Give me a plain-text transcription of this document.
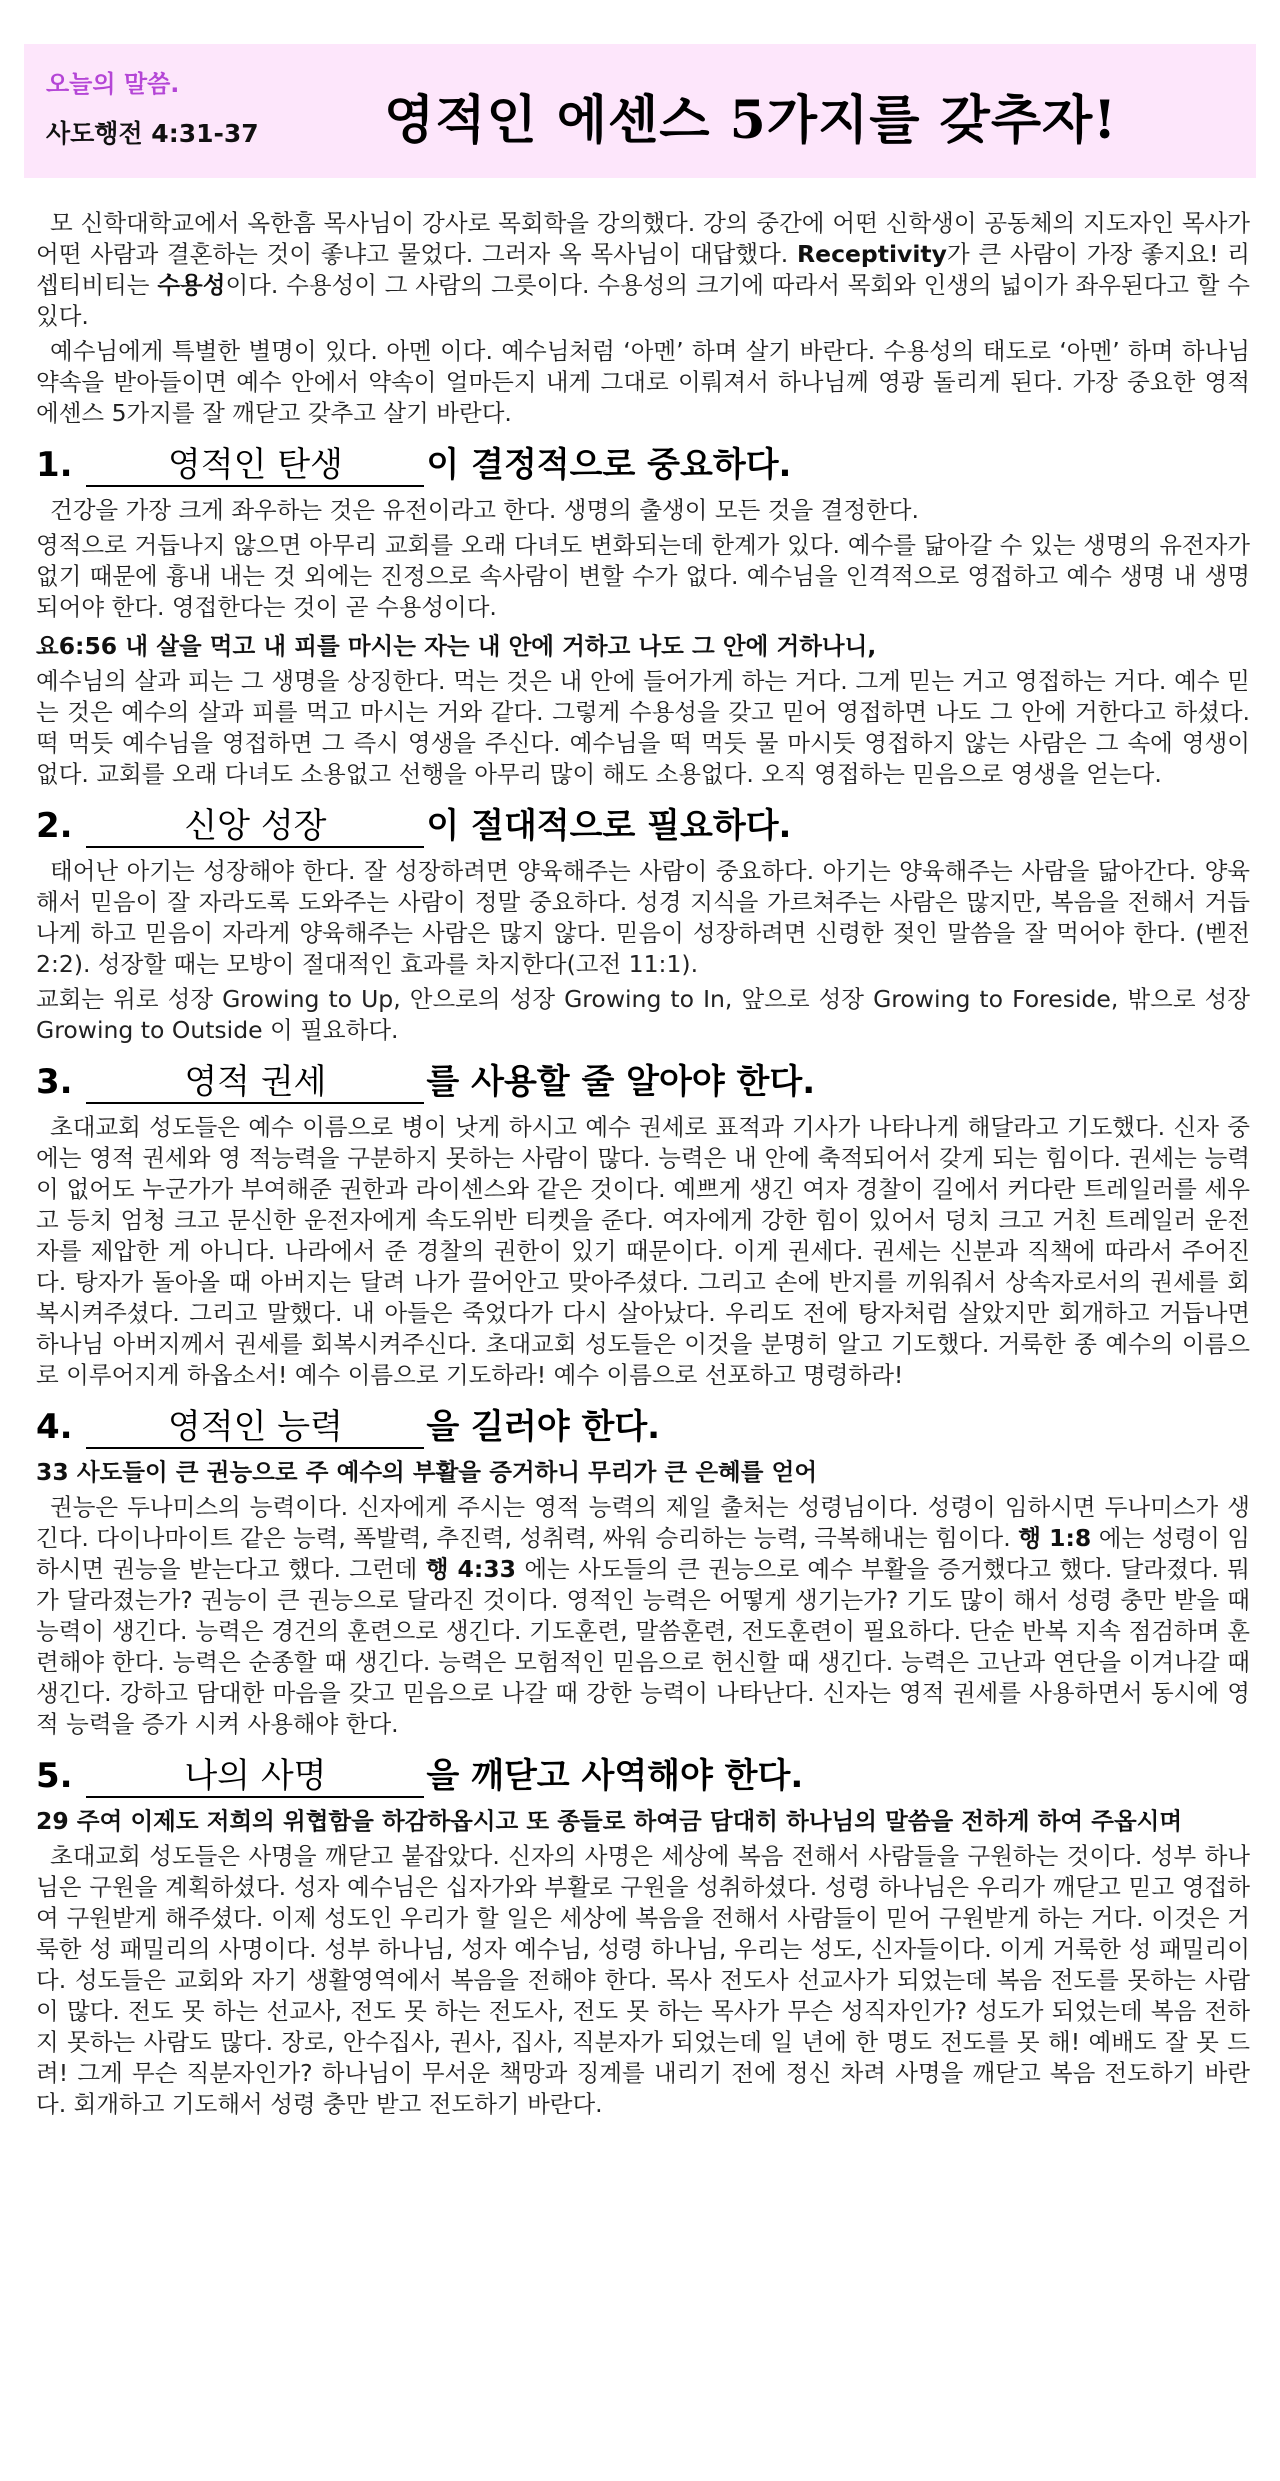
오늘의 말씀.
사도행전 4:31-37 영적인 에센스 5가지를 갖추자!

모 신학대학교에서 옥한흠 목사님이 강사로 목회학을 강의했다. 강의 중간에 어떤 신학생이 공동체의 지도자인 목사가 어떤 사람과 결혼하는 것이 좋냐고 물었다. 그러자 옥 목사님이 대답했다. Receptivity가 큰 사람이 가장 좋지요! 리셉티비티는 수용성이다. 수용성이 그 사람의 그릇이다. 수용성의 크기에 따라서 목회와 인생의 넓이가 좌우된다고 할 수 있다.

예수님에게 특별한 별명이 있다. 아멘 이다. 예수님처럼 ‘아멘’ 하며 살기 바란다. 수용성의 태도로 ‘아멘’ 하며 하나님 약속을 받아들이면 예수 안에서 약속이 얼마든지 내게 그대로 이뤄져서 하나님께 영광 돌리게 된다. 가장 중요한 영적 에센스 5가지를 잘 깨닫고 갖추고 살기 바란다.

1.	영적인 탄생 이 결정적으로 중요하다.

건강을 가장 크게 좌우하는 것은 유전이라고 한다. 생명의 출생이 모든 것을 결정한다.

영적으로 거듭나지 않으면 아무리 교회를 오래 다녀도 변화되는데 한계가 있다. 예수를 닮아갈 수 있는 생명의 유전자가 없기 때문에 흉내 내는 것 외에는 진정으로 속사람이 변할 수가 없다. 예수님을 인격적으로 영접하고 예수 생명 내 생명 되어야 한다. 영접한다는 것이 곧 수용성이다.

요6:56 내 살을 먹고 내 피를 마시는 자는 내 안에 거하고 나도 그 안에 거하나니,

예수님의 살과 피는 그 생명을 상징한다. 먹는 것은 내 안에 들어가게 하는 거다. 그게 믿는 거고 영접하는 거다. 예수 믿는 것은 예수의 살과 피를 먹고 마시는 거와 같다. 그렇게 수용성을 갖고 믿어 영접하면 나도 그 안에 거한다고 하셨다. 떡 먹듯 예수님을 영접하면 그 즉시 영생을 주신다. 예수님을 떡 먹듯 물 마시듯 영접하지 않는 사람은 그 속에 영생이 없다. 교회를 오래 다녀도 소용없고 선행을 아무리 많이 해도 소용없다. 오직 영접하는 믿음으로 영생을 얻는다.

2.	신앙 성장	이 절대적으로 필요하다.

태어난 아기는 성장해야 한다. 잘 성장하려면 양육해주는 사람이 중요하다. 아기는 양육해주는 사람을 닮아간다. 양육해서 믿음이 잘 자라도록 도와주는 사람이 정말 중요하다. 성경 지식을 가르쳐주는 사람은 많지만, 복음을 전해서 거듭나게 하고 믿음이 자라게 양육해주는 사람은 많지 않다. 믿음이 성장하려면 신령한 젖인 말씀을 잘 먹어야 한다. (벧전 2:2). 성장할 때는 모방이 절대적인 효과를 차지한다(고전 11:1).

교회는 위로 성장 Growing to Up, 안으로의 성장 Growing to In, 앞으로 성장 Growing to Foreside, 밖으로 성장 Growing to Outside 이 필요하다.

3.	영적 권세	를 사용할 줄 알아야 한다.

초대교회 성도들은 예수 이름으로 병이 낫게 하시고 예수 권세로 표적과 기사가 나타나게 해달라고 기도했다. 신자 중에는 영적 권세와 영 적능력을 구분하지 못하는 사람이 많다. 능력은 내 안에 축적되어서 갖게 되는 힘이다. 권세는 능력이 없어도 누군가가 부여해준 권한과 라이센스와 같은 것이다. 예쁘게 생긴 여자 경찰이 길에서 커다란 트레일러를 세우고 등치 엄청 크고 문신한 운전자에게 속도위반 티켓을 준다. 여자에게 강한 힘이 있어서 덩치 크고 거친 트레일러 운전자를 제압한 게 아니다. 나라에서 준 경찰의 권한이 있기 때문이다. 이게 권세다. 권세는 신분과 직책에 따라서 주어진다. 탕자가 돌아올 때 아버지는 달려 나가 끌어안고 맞아주셨다. 그리고 손에 반지를 끼워줘서 상속자로서의 권세를 회복시켜주셨다. 그리고 말했다. 내 아들은 죽었다가 다시 살아났다. 우리도 전에 탕자처럼 살았지만 회개하고 거듭나면 하나님 아버지께서 권세를 회복시켜주신다. 초대교회 성도들은 이것을 분명히 알고 기도했다. 거룩한 종 예수의 이름으로 이루어지게 하옵소서! 예수 이름으로 기도하라! 예수 이름으로 선포하고 명령하라!

4.	영적인 능력 을 길러야 한다.

33 사도들이 큰 권능으로 주 예수의 부활을 증거하니 무리가 큰 은혜를 얻어

권능은 두나미스의 능력이다. 신자에게 주시는 영적 능력의 제일 출처는 성령님이다. 성령이 임하시면 두나미스가 생긴다. 다이나마이트 같은 능력, 폭발력, 추진력, 성취력, 싸워 승리하는 능력, 극복해내는 힘이다. 행 1:8 에는 성령이 임하시면 권능을 받는다고 했다. 그런데 행 4:33 에는 사도들의 큰 권능으로 예수 부활을 증거했다고 했다. 달라졌다. 뭐가 달라졌는가? 권능이 큰 권능으로 달라진 것이다. 영적인 능력은 어떻게 생기는가? 기도 많이 해서 성령 충만 받을 때 능력이 생긴다. 능력은 경건의 훈련으로 생긴다. 기도훈련, 말씀훈련, 전도훈련이 필요하다. 단순 반복 지속 점검하며 훈련해야 한다. 능력은 순종할 때 생긴다. 능력은 모험적인 믿음으로 헌신할 때 생긴다. 능력은 고난과 연단을 이겨나갈 때 생긴다. 강하고 담대한 마음을 갖고 믿음으로 나갈 때 강한 능력이 나타난다. 신자는 영적 권세를 사용하면서 동시에 영적 능력을 증가 시켜 사용해야 한다.

5.	나의 사명	을 깨닫고 사역해야 한다.

29 주여 이제도 저희의 위협함을 하감하옵시고 또 종들로 하여금 담대히 하나님의 말씀을 전하게 하여 주옵시며

초대교회 성도들은 사명을 깨닫고 붙잡았다. 신자의 사명은 세상에 복음 전해서 사람들을 구원하는 것이다. 성부 하나님은 구원을 계획하셨다. 성자 예수님은 십자가와 부활로 구원을 성취하셨다. 성령 하나님은 우리가 깨닫고 믿고 영접하여 구원받게 해주셨다. 이제 성도인 우리가 할 일은 세상에 복음을 전해서 사람들이 믿어 구원받게 하는 거다. 이것은 거룩한 성 패밀리의 사명이다. 성부 하나님, 성자 예수님, 성령 하나님, 우리는 성도, 신자들이다. 이게 거룩한 성 패밀리이다. 성도들은 교회와 자기 생활영역에서 복음을 전해야 한다. 목사 전도사 선교사가 되었는데 복음 전도를 못하는 사람이 많다. 전도 못 하는 선교사, 전도 못 하는 전도사, 전도 못 하는 목사가 무슨 성직자인가? 성도가 되었는데 복음 전하지 못하는 사람도 많다. 장로, 안수집사, 권사, 집사, 직분자가 되었는데 일 년에 한 명도 전도를 못 해! 예배도 잘 못 드려! 그게 무슨 직분자인가? 하나님이 무서운 책망과 징계를 내리기 전에 정신 차려 사명을 깨닫고 복음 전도하기 바란다. 회개하고 기도해서 성령 충만 받고 전도하기 바란다.
